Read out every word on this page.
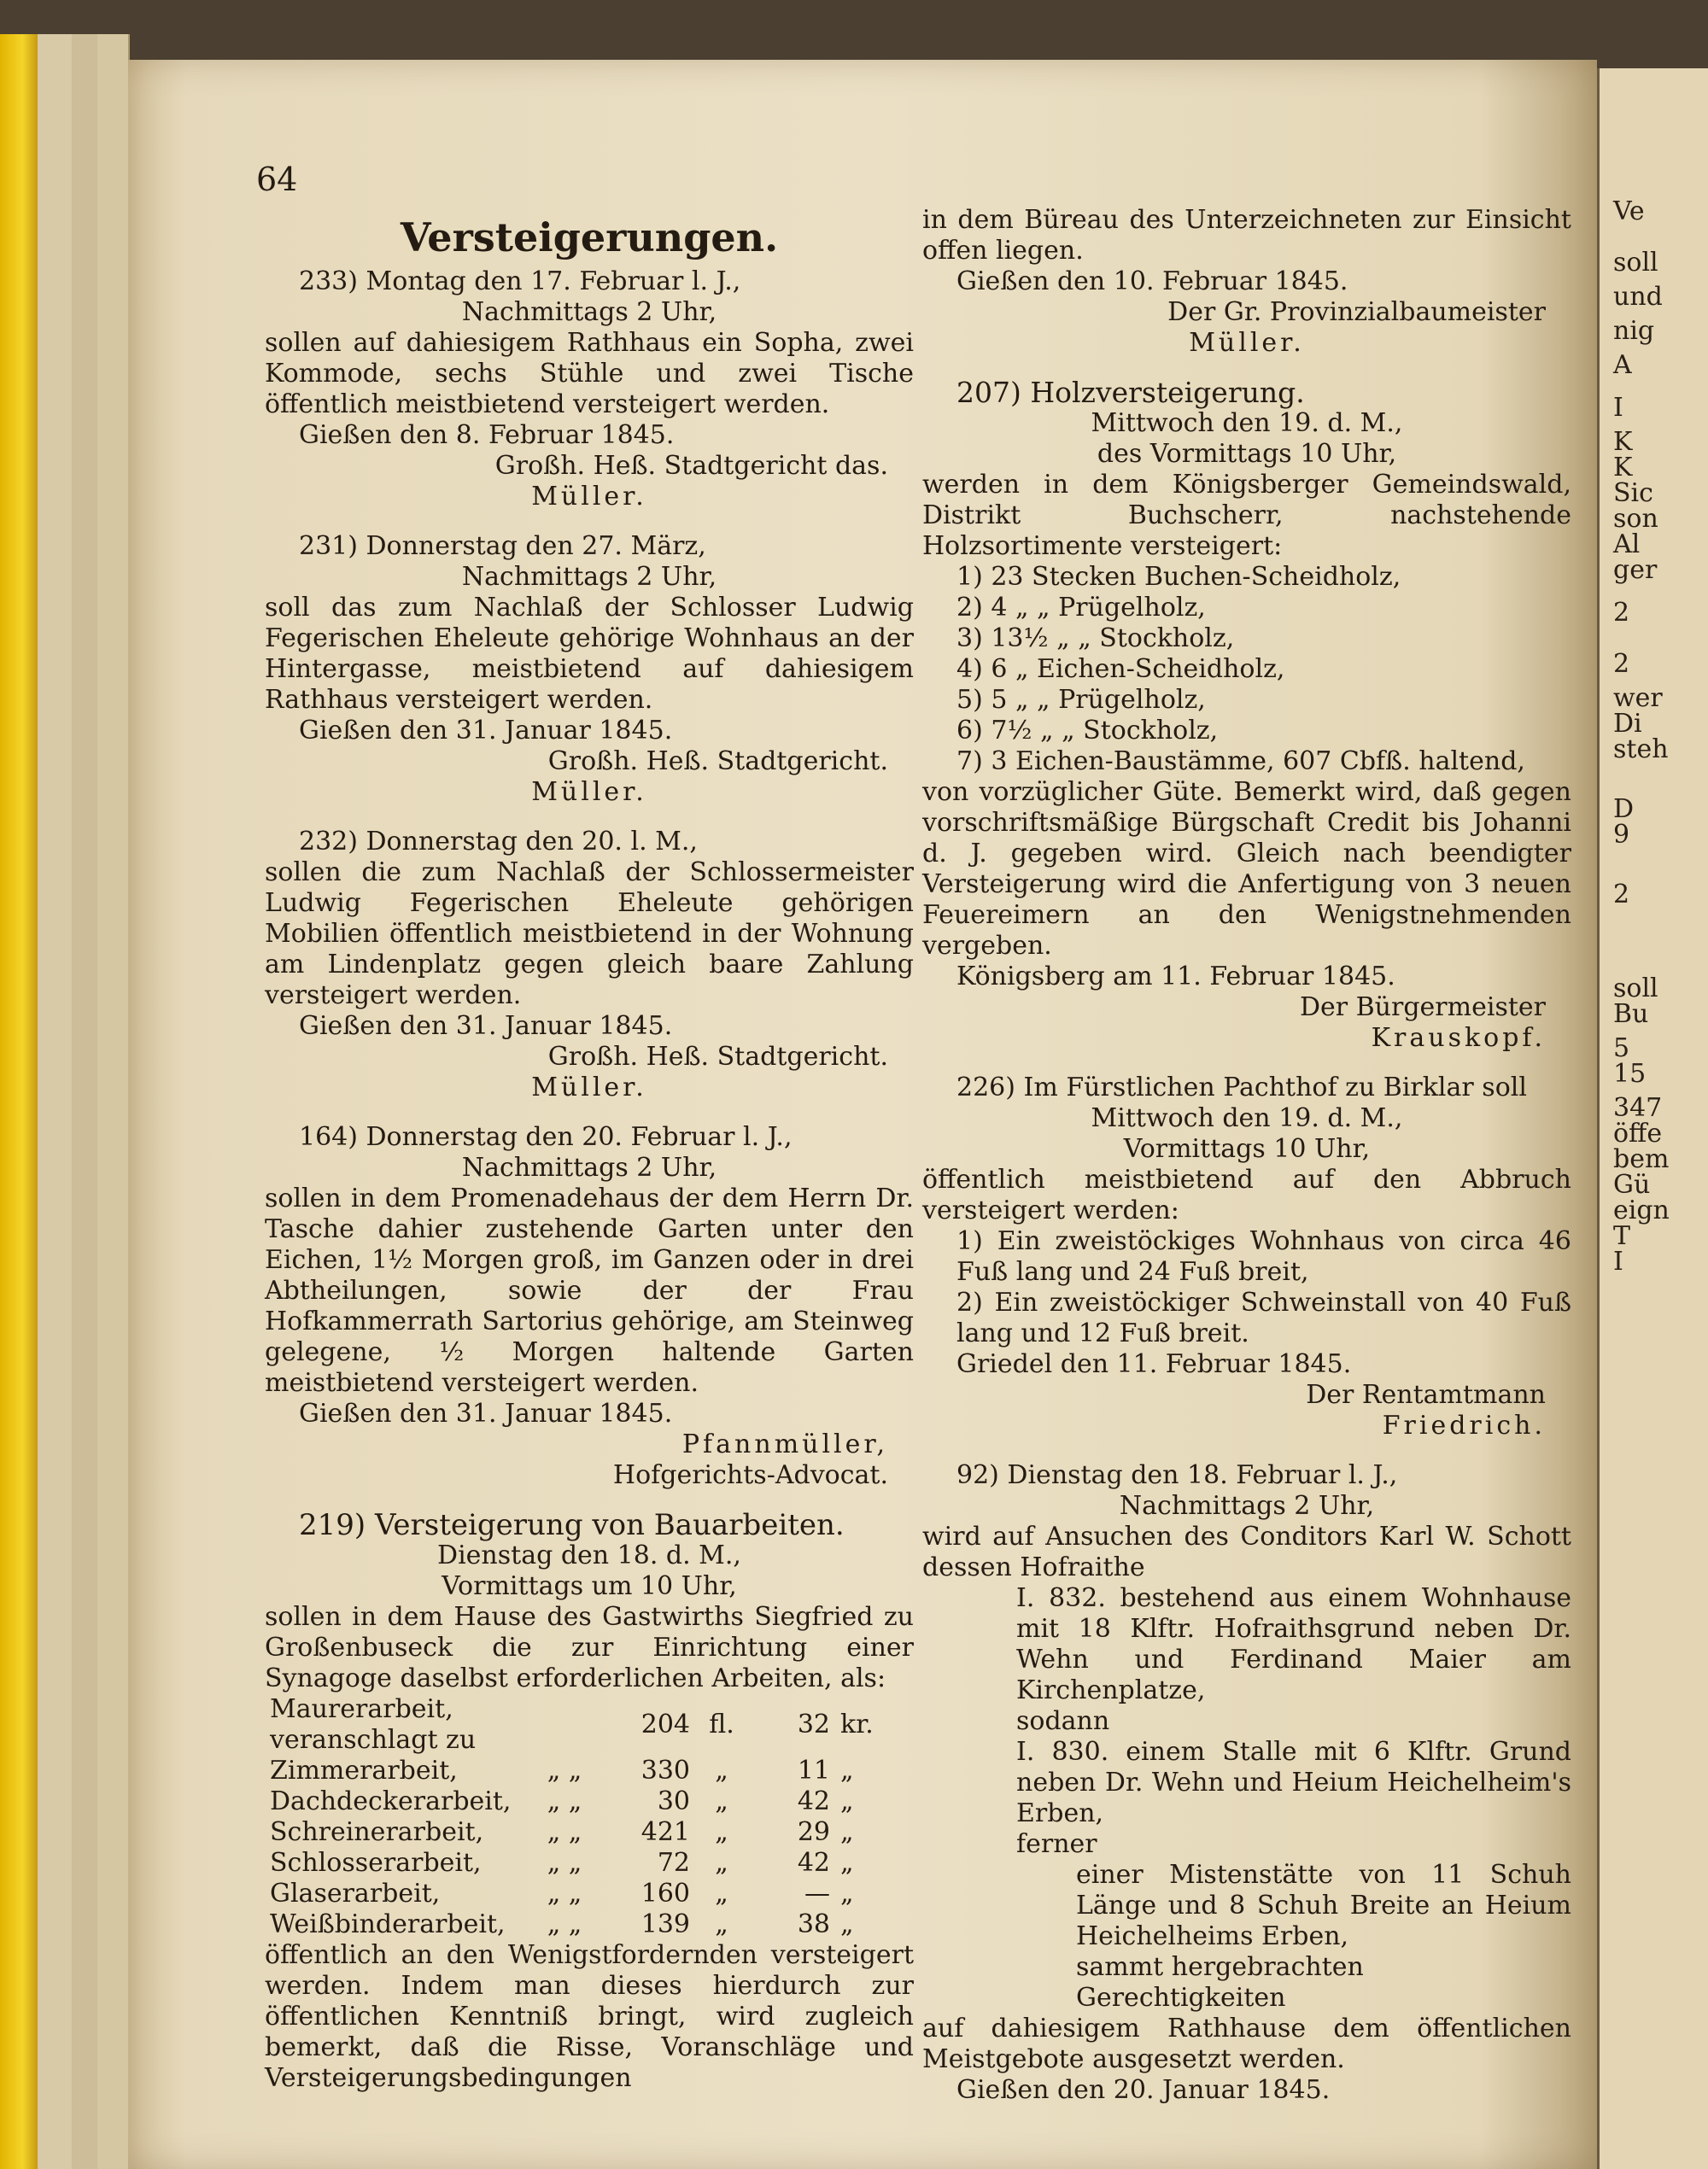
64

Versteigerungen.

233) Montag den 17. Februar l. J.,

Nachmittags 2 Uhr,

sollen auf dahiesigem Rathhaus ein Sopha, zwei Kommode, sechs Stühle und zwei Tische öffentlich meistbietend versteigert werden.

Gießen den 8. Februar 1845.

Großh. Heß. Stadtgericht das.

Müller.

231) Donnerstag den 27. März,

Nachmittags 2 Uhr,

soll das zum Nachlaß der Schlosser Ludwig Fegerischen Eheleute gehörige Wohnhaus an der Hintergasse, meistbietend auf dahiesigem Rathhaus versteigert werden.

Gießen den 31. Januar 1845.

Großh. Heß. Stadtgericht.

Müller.

232) Donnerstag den 20. l. M.,

sollen die zum Nachlaß der Schlossermeister Ludwig Fegerischen Eheleute gehörigen Mobilien öffentlich meistbietend in der Wohnung am Lindenplatz gegen gleich baare Zahlung versteigert werden.

Gießen den 31. Januar 1845.

Großh. Heß. Stadtgericht.

Müller.

164) Donnerstag den 20. Februar l. J.,

Nachmittags 2 Uhr,

sollen in dem Promenadehaus der dem Herrn Dr. Tasche dahier zustehende Garten unter den Eichen, 1½ Morgen groß, im Ganzen oder in drei Abtheilungen, sowie der der Frau Hofkammerrath Sartorius gehörige, am Steinweg gelegene, ½ Morgen haltende Garten meistbietend versteigert werden.

Gießen den 31. Januar 1845.

Pfannmüller,

Hofgerichts-Advocat.

219) Versteigerung von Bauarbeiten.

Dienstag den 18. d. M.,

Vormittags um 10 Uhr,

sollen in dem Hause des Gastwirths Siegfried zu Großenbuseck die zur Einrichtung einer Synagoge daselbst erforderlichen Arbeiten, als:

Maurerarbeit, veranschlagt zu		204	fl.	32	kr.
Zimmerarbeit,	„ „	330	„	11	„
Dachdeckerarbeit,	„ „	30	„	42	„
Schreinerarbeit,	„ „	421	„	29	„
Schlosserarbeit,	„ „	72	„	42	„
Glaserarbeit,	„ „	160	„	—	„
Weißbinderarbeit,	„ „	139	„	38	„

öffentlich an den Wenigstfordernden versteigert werden. Indem man dieses hierdurch zur öffentlichen Kenntniß bringt, wird zugleich bemerkt, daß die Risse, Voranschläge und Versteigerungsbedingungen

in dem Büreau des Unterzeichneten zur Einsicht offen liegen.

Gießen den 10. Februar 1845.

Der Gr. Provinzialbaumeister

Müller.

207) Holzversteigerung.

Mittwoch den 19. d. M.,

des Vormittags 10 Uhr,

werden in dem Königsberger Gemeindswald, Distrikt Buchscherr, nachstehende Holzsortimente versteigert:

1) 23 Stecken Buchen-Scheidholz,

2) 4 „ „ Prügelholz,

3) 13½ „ „ Stockholz,

4) 6 „ Eichen-Scheidholz,

5) 5 „ „ Prügelholz,

6) 7½ „ „ Stockholz,

7) 3 Eichen-Baustämme, 607 Cbfß. haltend,

von vorzüglicher Güte. Bemerkt wird, daß gegen vorschriftsmäßige Bürgschaft Credit bis Johanni d. J. gegeben wird. Gleich nach beendigter Versteigerung wird die Anfertigung von 3 neuen Feuereimern an den Wenigstnehmenden vergeben.

Königsberg am 11. Februar 1845.

Der Bürgermeister

Krauskopf.

226) Im Fürstlichen Pachthof zu Birklar soll

Mittwoch den 19. d. M.,

Vormittags 10 Uhr,

öffentlich meistbietend auf den Abbruch versteigert werden:

1) Ein zweistöckiges Wohnhaus von circa 46 Fuß lang und 24 Fuß breit,

2) Ein zweistöckiger Schweinstall von 40 Fuß lang und 12 Fuß breit.

Griedel den 11. Februar 1845.

Der Rentamtmann

Friedrich.

92) Dienstag den 18. Februar l. J.,

Nachmittags 2 Uhr,

wird auf Ansuchen des Conditors Karl W. Schott dessen Hofraithe

I. 832. bestehend aus einem Wohnhause mit 18 Klftr. Hofraithsgrund neben Dr. Wehn und Ferdinand Maier am Kirchenplatze,

sodann

I. 830. einem Stalle mit 6 Klftr. Grund neben Dr. Wehn und Heium Heichelheim's Erben,

ferner

einer Mistenstätte von 11 Schuh Länge und 8 Schuh Breite an Heium Heichelheims Erben,

sammt hergebrachten Gerechtigkeiten

auf dahiesigem Rathhause dem öffentlichen Meistgebote ausgesetzt werden.

Gießen den 20. Januar 1845.

Ve
soll
und
nig
A
I
K
K
Sic
son
Al
ger
2
2
wer
Di
steh
D
9
2
soll
Bu
5
15
347
öffe
bem
Gü
eign
T
I
